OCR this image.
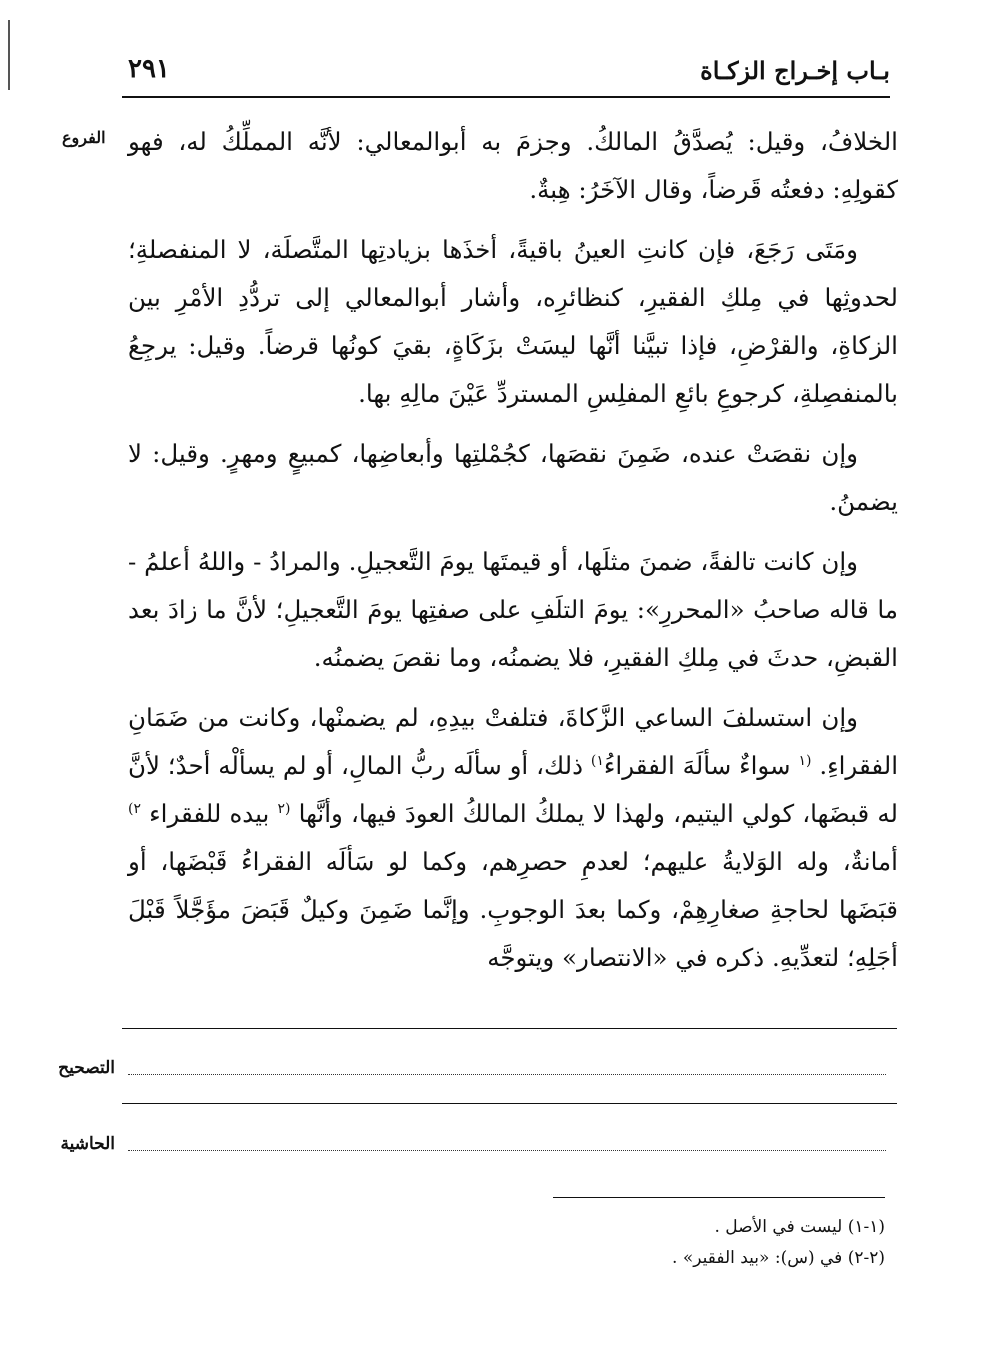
بـاب إخـراج الزكـاة
٢٩١
الفروع الخلافُ، وقيل: يُصدَّقُ المالكُ. وجزمَ به أبوالمعالي: لأنَّه المملِّكُ له، فهو كقولِهِ: دفعتُه قَرضاً، وقال الآخَرُ: هِبةٌ.

ومَتَى رَجَعَ، فإن كانتِ العينُ باقيةً، أخذَها بزيادتِها المتَّصلَة، لا المنفصلةِ؛ لحدوثِها في مِلكِ الفقيرِ، كنظائرِه، وأشار أبوالمعالي إلى تردُّدِ الأمْرِ بين الزكاةِ، والقرْضِ، فإذا تبيَّنا أنَّها ليسَتْ بزَكَاةٍ، بقيَ كونُها قرضاً. وقيل: يرجِعُ بالمنفصِلةِ، كرجوعِ بائعِ المفلِسِ المستردِّ عَيْنَ مالِهِ بها.

وإن نقصَتْ عنده، ضَمِنَ نقصَها، كجُمْلتِها وأبعاضِها، كمبيعٍ ومهرٍ. وقيل: لا يضمنُ.

وإن كانت تالفةً، ضمنَ مثلَها، أو قيمتَها يومَ التَّعجيلِ. والمرادُ - واللهُ أعلمُ - ما قاله صاحبُ «المحررِ»: يومَ التلَفِ على صفتِها يومَ التَّعجيلِ؛ لأنَّ ما زادَ بعد القبضِ، حدثَ في مِلكِ الفقيرِ، فلا يضمنُه، وما نقصَ يضمنُه.

وإن استسلفَ الساعي الزَّكاةَ، فتلفتْ بيدِهِ، لم يضمنْها، وكانت من ضَمَانِ الفقراءِ. $^{(١}$ سواءٌ سألَهَ الفقراءُ$^{١)}$ ذلك، أو سألَه ربُّ المالِ، أو لم يسألْه أحدٌ؛ لأنَّ له قبضَها، كولي اليتيم، ولهذا لا يملكُ المالكُ العودَ فيها، وأنَّها $^{(٢}$ بيده للفقراء $^{٢)}$ أمانةٌ، وله الوَلايةُ عليهم؛ لعدمِ حصرِهم، وكما لو سَألَه الفقراءُ قَبْضَها، أو قبَضَها لحاجةِ صغارِهِمْ، وكما بعدَ الوجوبِ. وإنَّما ضَمِنَ وكيلٌ قَبَضَ مؤَجَّلاً قَبْلَ أجَلِهِ؛ لتعدِّيهِ. ذكره في «الانتصار» ويتوجَّه

التصحيح
الحاشية
(١-١) ليست في الأصل .
(٢-٢) في (س): «بيد الفقير» .
